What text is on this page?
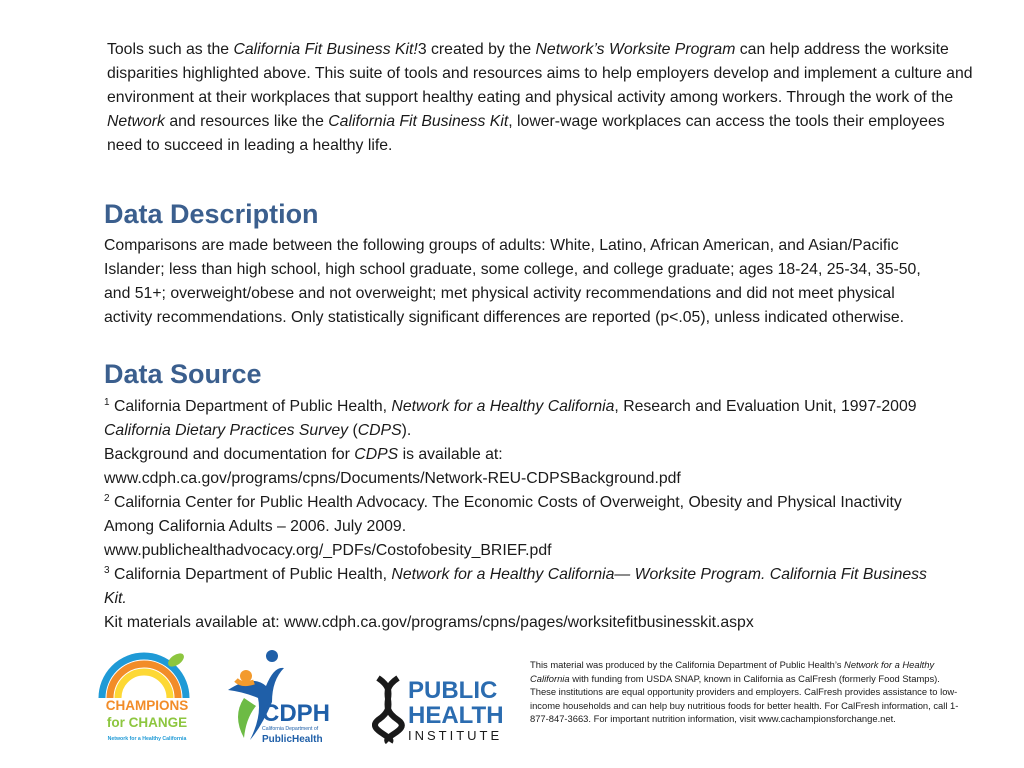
Tools such as the California Fit Business Kit!3 created by the Network’s Worksite Program can help address the worksite disparities highlighted above. This suite of tools and resources aims to help employers develop and implement a culture and environment at their workplaces that support healthy eating and physical activity among workers. Through the work of the Network and resources like the California Fit Business Kit, lower-wage workplaces can access the tools their employees need to succeed in leading a healthy life.

Data Description

Comparisons are made between the following groups of adults: White, Latino, African American, and Asian/Pacific Islander; less than high school, high school graduate, some college, and college graduate; ages 18-24, 25-34, 35-50, and 51+; overweight/obese and not overweight; met physical activity recommendations and did not meet physical activity recommendations. Only statistically significant differences are reported (p<.05), unless indicated otherwise.

Data Source
$^1$ California Department of Public Health, Network for a Healthy California, Research and Evaluation Unit, 1997-2009 California Dietary Practices Survey (CDPS).
Background and documentation for CDPS is available at:
www.cdph.ca.gov/programs/cpns/Documents/Network-REU-CDPSBackground.pdf
$^2$ California Center for Public Health Advocacy. The Economic Costs of Overweight, Obesity and Physical Inactivity Among California Adults – 2006. July 2009.
www.publichealthadvocacy.org/_PDFs/Costofobesity_BRIEF.pdf
$^3$ California Department of Public Health, Network for a Healthy California— Worksite Program. California Fit Business Kit.
Kit materials available at: www.cdph.ca.gov/programs/cpns/pages/worksitefitbusinesskit.aspx
CHAMPIONS
for CHANGE
Network for a Healthy California
CDPH
California Department of
PublicHealth
PUBLIC
HEALTH
INSTITUTE

This material was produced by the California Department of Public Health’s Network for a Healthy California with funding from USDA SNAP, known in California as CalFresh (formerly Food Stamps). These institutions are equal opportunity providers and employers. CalFresh provides assistance to low-income households and can help buy nutritious foods for better health. For CalFresh information, call 1-877-847-3663. For important nutrition information, visit www.cachampionsforchange.net.
